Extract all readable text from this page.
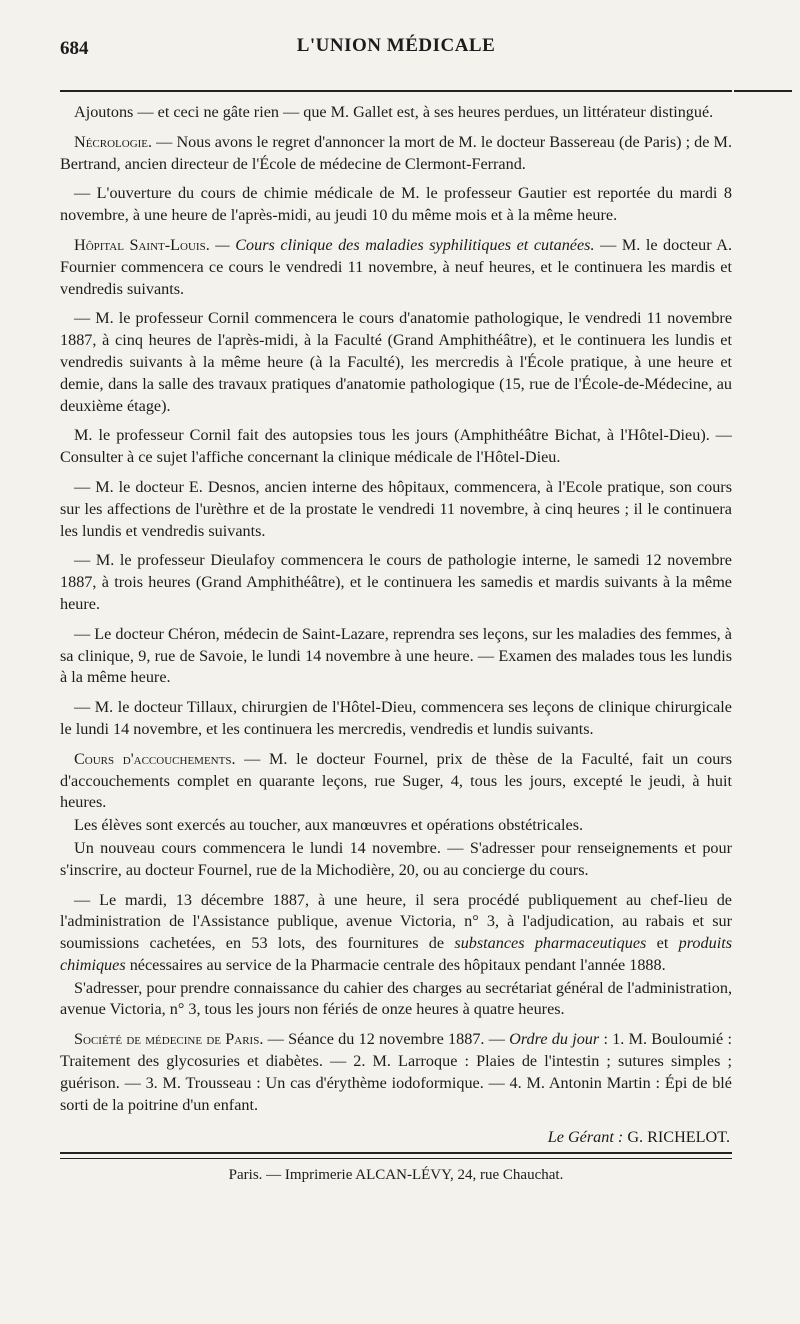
684	L'UNION MÉDICALE

Ajoutons — et ceci ne gâte rien — que M. Gallet est, à ses heures perdues, un littérateur distingué.

Nécrologie. — Nous avons le regret d'annoncer la mort de M. le docteur Bassereau (de Paris) ; de M. Bertrand, ancien directeur de l'École de médecine de Clermont-Ferrand.

— L'ouverture du cours de chimie médicale de M. le professeur Gautier est reportée du mardi 8 novembre, à une heure de l'après-midi, au jeudi 10 du même mois et à la même heure.

Hôpital Saint-Louis. — Cours clinique des maladies syphilitiques et cutanées. — M. le docteur A. Fournier commencera ce cours le vendredi 11 novembre, à neuf heures, et le continuera les mardis et vendredis suivants.

— M. le professeur Cornil commencera le cours d'anatomie pathologique, le vendredi 11 novembre 1887, à cinq heures de l'après-midi, à la Faculté (Grand Amphithéâtre), et le continuera les lundis et vendredis suivants à la même heure (à la Faculté), les mercredis à l'École pratique, à une heure et demie, dans la salle des travaux pratiques d'anatomie pathologique (15, rue de l'École-de-Médecine, au deuxième étage).

M. le professeur Cornil fait des autopsies tous les jours (Amphithéâtre Bichat, à l'Hôtel-Dieu). — Consulter à ce sujet l'affiche concernant la clinique médicale de l'Hôtel-Dieu.

— M. le docteur E. Desnos, ancien interne des hôpitaux, commencera, à l'Ecole pratique, son cours sur les affections de l'urèthre et de la prostate le vendredi 11 novembre, à cinq heures ; il le continuera les lundis et vendredis suivants.

— M. le professeur Dieulafoy commencera le cours de pathologie interne, le samedi 12 novembre 1887, à trois heures (Grand Amphithéâtre), et le continuera les samedis et mardis suivants à la même heure.

— Le docteur Chéron, médecin de Saint-Lazare, reprendra ses leçons, sur les maladies des femmes, à sa clinique, 9, rue de Savoie, le lundi 14 novembre à une heure. — Examen des malades tous les lundis à la même heure.

— M. le docteur Tillaux, chirurgien de l'Hôtel-Dieu, commencera ses leçons de clinique chirurgicale le lundi 14 novembre, et les continuera les mercredis, vendredis et lundis suivants.

Cours d'accouchements. — M. le docteur Fournel, prix de thèse de la Faculté, fait un cours d'accouchements complet en quarante leçons, rue Suger, 4, tous les jours, excepté le jeudi, à huit heures.

Les élèves sont exercés au toucher, aux manœuvres et opérations obstétricales.

Un nouveau cours commencera le lundi 14 novembre. — S'adresser pour renseignements et pour s'inscrire, au docteur Fournel, rue de la Michodière, 20, ou au concierge du cours.

— Le mardi, 13 décembre 1887, à une heure, il sera procédé publiquement au chef-lieu de l'administration de l'Assistance publique, avenue Victoria, n° 3, à l'adjudication, au rabais et sur soumissions cachetées, en 53 lots, des fournitures de substances pharmaceutiques et produits chimiques nécessaires au service de la Pharmacie centrale des hôpitaux pendant l'année 1888.

S'adresser, pour prendre connaissance du cahier des charges au secrétariat général de l'administration, avenue Victoria, n° 3, tous les jours non fériés de onze heures à quatre heures.

Société de médecine de Paris. — Séance du 12 novembre 1887. — Ordre du jour : 1. M. Bouloumié : Traitement des glycosuries et diabètes. — 2. M. Larroque : Plaies de l'intestin ; sutures simples ; guérison. — 3. M. Trousseau : Un cas d'érythème iodoformique. — 4. M. Antonin Martin : Épi de blé sorti de la poitrine d'un enfant.

Le Gérant : G. RICHELOT.
Paris. — Imprimerie ALCAN-LÉVY, 24, rue Chauchat.
